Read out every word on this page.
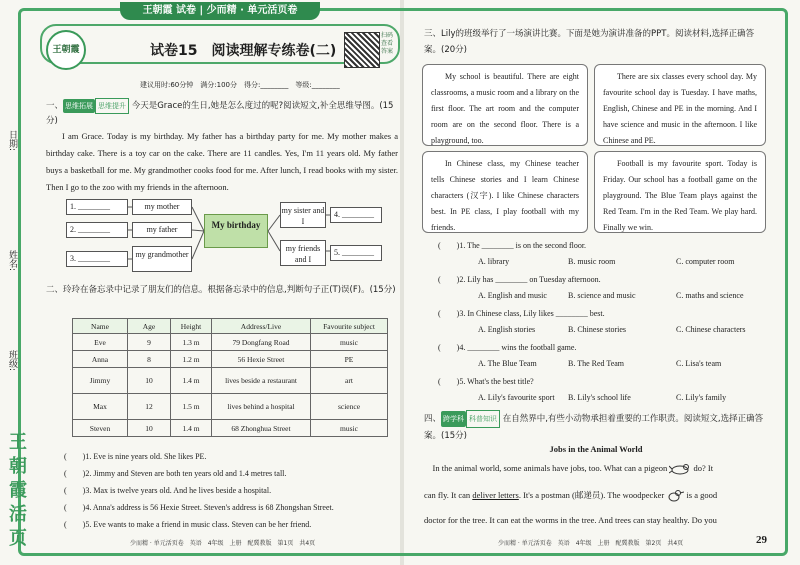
王朝霞 试卷 | 少而精 · 单元活页卷
王朝霞	试卷15　阅读理解专练卷(二)
扫码查看答案
建议用时:60分钟　满分:100分　得分:________　等级:________
日期:
姓名:
班级:
王朝霞活页
一、 思维拓展 思维提升 今天是Grace的生日,她是怎么度过的呢?阅读短文,补全思维导图。(15分)
I am Grace. Today is my birthday. My father has a birthday party for me. My mother makes a birthday cake. There is a toy car on the cake. There are 11 candles. Yes, I'm 11 years old. My father buys a basketball for me. My grandmother cooks food for me. After lunch, I read books with my sister. Then I go to the zoo with my friends in the afternoon.
1. ________
2. ________
3. ________
my mother
my father
my grandmother
My birthday
my sister and I
my friends and I
4. ________
5. ________
二、玲玲在备忘录中记录了朋友们的信息。根据备忘录中的信息,判断句子正(T)误(F)。(15分)
Name	Age	Height	Address/Live	Favourite subject
Eve	9	1.3 m	79 Dongfang Road	music
Anna	8	1.2 m	56 Hexie Street	PE
Jimmy	10	1.4 m	lives beside a restaurant	art
Max	12	1.5 m	lives behind a hospital	science
Steven	10	1.4 m	68 Zhonghua Street	music
(　　)1. Eve is nine years old. She likes PE.
(　　)2. Jimmy and Steven are both ten years old and 1.4 metres tall.
(　　)3. Max is twelve years old. And he lives beside a hospital.
(　　)4. Anna's address is 56 Hexie Street. Steven's address is 68 Zhongshan Street.
(　　)5. Eve wants to make a friend in music class. Steven can be her friend.
少而精 · 单元活页卷　英语　4年级　上册　配冀教版　第1页　共4页
三、Lily的班级举行了一场演讲比赛。下面是她为演讲准备的PPT。阅读材料,选择正确答案。(20分)
My school is beautiful. There are eight classrooms, a music room and a library on the first floor. The art room and the computer room are on the second floor. There is a playground, too.
There are six classes every school day. My favourite school day is Tuesday. I have maths, English, Chinese and PE in the morning. And I have science and music in the afternoon. I like Chinese and PE.
In Chinese class, my Chinese teacher tells Chinese stories and I learn Chinese characters (汉字). I like Chinese characters best. In PE class, I play football with my friends.
Football is my favourite sport. Today is Friday. Our school has a football game on the playground. The Blue Team plays against the Red Team. I'm in the Red Team. We play hard. Finally we win.
(　　)1. The ________ is on the second floor.
A. library	B. music room	C. computer room
(　　)2. Lily has ________ on Tuesday afternoon.
A. English and music	B. science and music	C. maths and science
(　　)3. In Chinese class, Lily likes ________ best.
A. English stories	B. Chinese stories	C. Chinese characters
(　　)4. ________ wins the football game.
A. The Blue Team	B. The Red Team	C. Lisa's team
(　　)5. What's the best title?
A. Lily's favourite sport B. Lily's school life	C. Lily's family
四、 跨学科 科普知识 在自然界中,有些小动物承担着重要的工作职责。阅读短文,选择正确答案。(15分)
Jobs in the Animal World
In the animal world, some animals have jobs, too. What can a pigeon	do? It
can fly. It can deliver letters. It's a postman (邮递员). The woodpecker	is a good
doctor for the tree. It can eat the worms in the tree. And trees can stay healthy. Do you
少而精 · 单元活页卷　英语　4年级　上册　配冀教版　第2页　共4页	29
